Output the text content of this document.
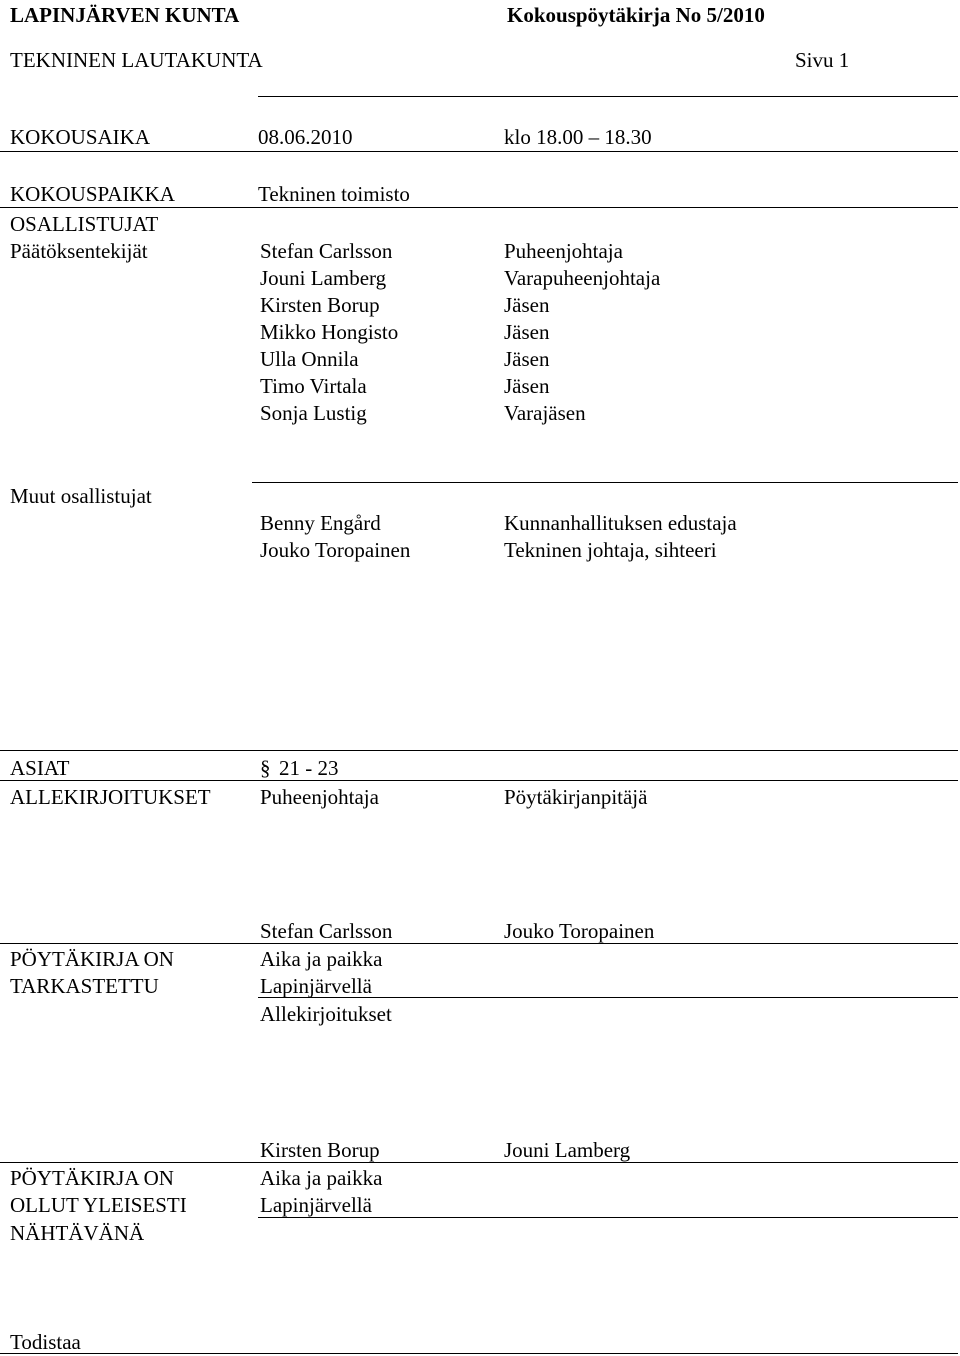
LAPINJÄRVEN KUNTA	Kokouspöytäkirja No 5/2010
TEKNINEN LAUTAKUNTA	Sivu 1
KOKOUSAIKA	08.06.2010	klo 18.00 – 18.30
KOKOUSPAIKKA	Tekninen toimisto
OSALLISTUJAT
Päätöksentekijät	Stefan Carlsson	Puheenjohtaja
Jouni Lamberg	Varapuheenjohtaja
Kirsten Borup	Jäsen
Mikko Hongisto	Jäsen
Ulla Onnila	Jäsen
Timo Virtala	Jäsen
Sonja Lustig	Varajäsen
Muut osallistujat
Benny Engård	Kunnanhallituksen edustaja
Jouko Toropainen	Tekninen johtaja, sihteeri
ASIAT	§ 21 - 23
ALLEKIRJOITUKSET Puheenjohtaja	Pöytäkirjanpitäjä
Stefan Carlsson	Jouko Toropainen
PÖYTÄKIRJA ON	Aika ja paikka
TARKASTETTU	Lapinjärvellä
Allekirjoitukset
Kirsten Borup	Jouni Lamberg
PÖYTÄKIRJA ON	Aika ja paikka
OLLUT YLEISESTI	Lapinjärvellä
NÄHTÄVÄNÄ
Todistaa
